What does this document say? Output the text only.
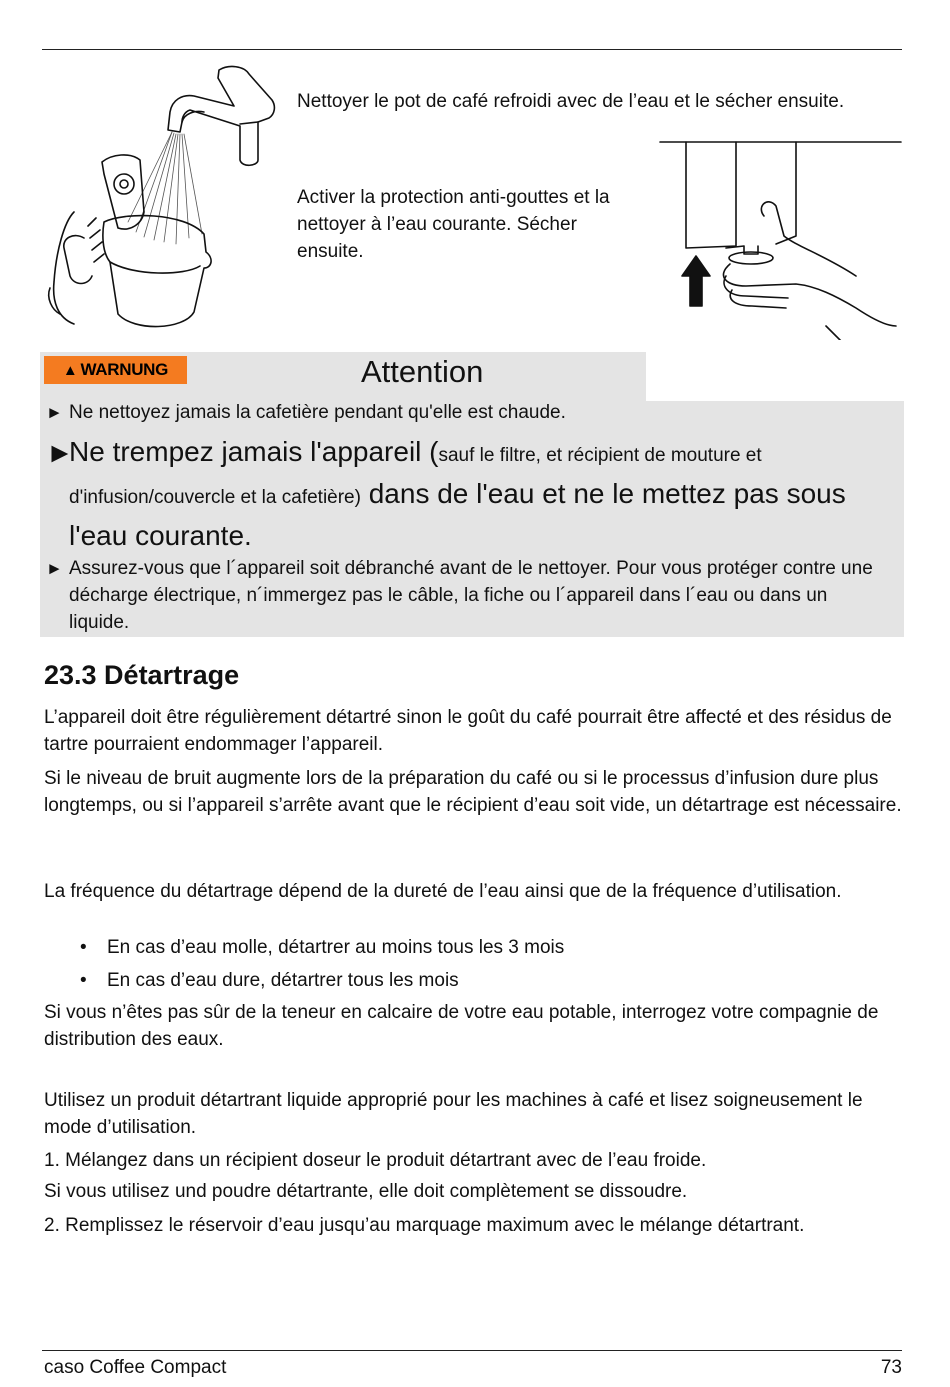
Nettoyer le pot de café refroidi avec de l’eau et le sécher ensuite.

Activer la protection anti-gouttes et la nettoyer à l’eau courante. Sécher ensuite.

▲ WARNUNG	Attention
► Ne nettoyez jamais la cafetière pendant qu'elle est chaude.

►

Ne trempez jamais l'appareil (sauf le filtre, et récipient de mouture et d'infusion/couvercle et la cafetière) dans de l'eau et ne le mettez pas sous l'eau courante.

► Assurez-vous que l´appareil soit débranché avant de le nettoyer. Pour vous protéger contre une décharge électrique, n´immergez pas le câble, la fiche ou l´appareil dans l´eau ou dans un liquide.

23.3 Détartrage

L’appareil doit être régulièrement détartré sinon le goût du café pourrait être affecté et des résidus de tartre pourraient endommager l’appareil.

Si le niveau de bruit augmente lors de la préparation du café ou si le processus d’infusion dure plus longtemps, ou si l’appareil s’arrête avant que le récipient d’eau soit vide, un détartrage est nécessaire.

La fréquence du détartrage dépend de la dureté de l’eau ainsi que de la fréquence d’utilisation.

• En cas d’eau molle, détartrer au moins tous les 3 mois

• En cas d’eau dure, détartrer tous les mois

Si vous n’êtes pas sûr de la teneur en calcaire de votre eau potable, interrogez votre compagnie de distribution des eaux.

Utilisez un produit détartrant liquide approprié pour les machines à café et lisez soigneusement le mode d’utilisation.

1. Mélangez dans un récipient doseur le produit détartrant avec de l’eau froide.

Si vous utilisez und poudre détartrante, elle doit complètement se dissoudre.

2. Remplissez le réservoir d’eau jusqu’au marquage maximum avec le mélange détartrant.

caso Coffee Compact	73
